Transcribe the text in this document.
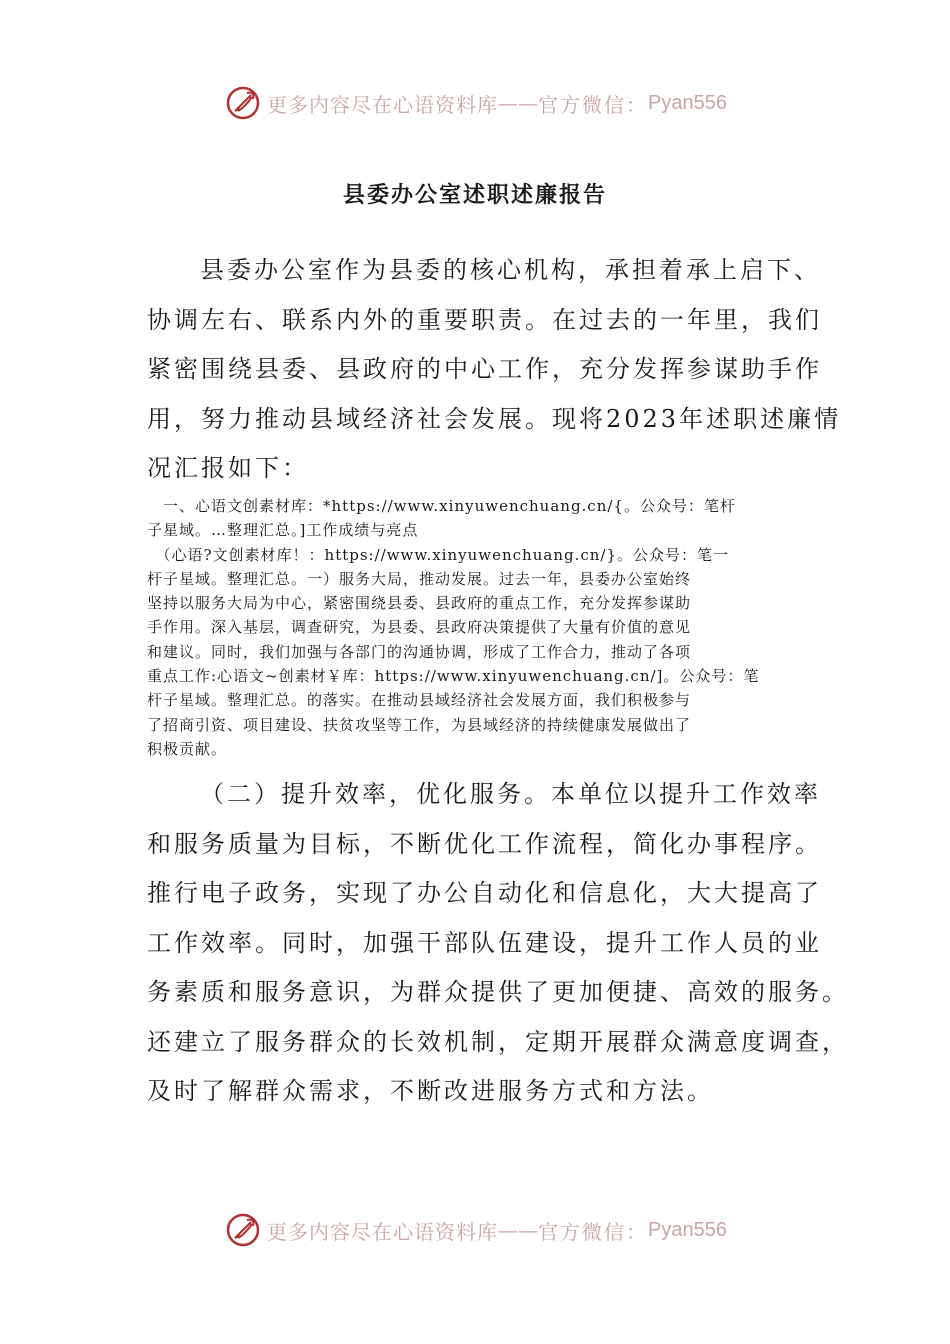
更多内容尽在心语资料库 —— 官方微信： Pyan556
县委办公室述职述廉报告
县委办公室作为县委的核心机构，承担着承上启下、
协调左右、联系内外的重要职责。在过去的一年里，我们
紧密围绕县委、县政府的中心工作，充分发挥参谋助手作
用，努力推动县域经济社会发展。现将2023年述职述廉情
况汇报如下：
　一、心语文创素材库：*https://www.xinyuwenchuang.cn/{。公众号：笔杆
子星域。…整理汇总。]工作成绩与亮点
　（心语?文创素材库！：https://www.xinyuwenchuang.cn/}。公众号：笔一
杆子星域。整理汇总。一）服务大局，推动发展。过去一年，县委办公室始终
坚持以服务大局为中心，紧密围绕县委、县政府的重点工作，充分发挥参谋助
手作用。深入基层，调查研究，为县委、县政府决策提供了大量有价值的意见
和建议。同时，我们加强与各部门的沟通协调，形成了工作合力，推动了各项
重点工作:心语文~创素材￥库：https://www.xinyuwenchuang.cn/]。公众号：笔
杆子星域。整理汇总。的落实。在推动县域经济社会发展方面，我们积极参与
了招商引资、项目建设、扶贫攻坚等工作，为县域经济的持续健康发展做出了
积极贡献。
（二）提升效率，优化服务。本单位以提升工作效率
和服务质量为目标，不断优化工作流程，简化办事程序。
推行电子政务，实现了办公自动化和信息化，大大提高了
工作效率。同时，加强干部队伍建设，提升工作人员的业
务素质和服务意识，为群众提供了更加便捷、高效的服务。
还建立了服务群众的长效机制，定期开展群众满意度调查，
及时了解群众需求，不断改进服务方式和方法。
更多内容尽在心语资料库 —— 官方微信： Pyan556
